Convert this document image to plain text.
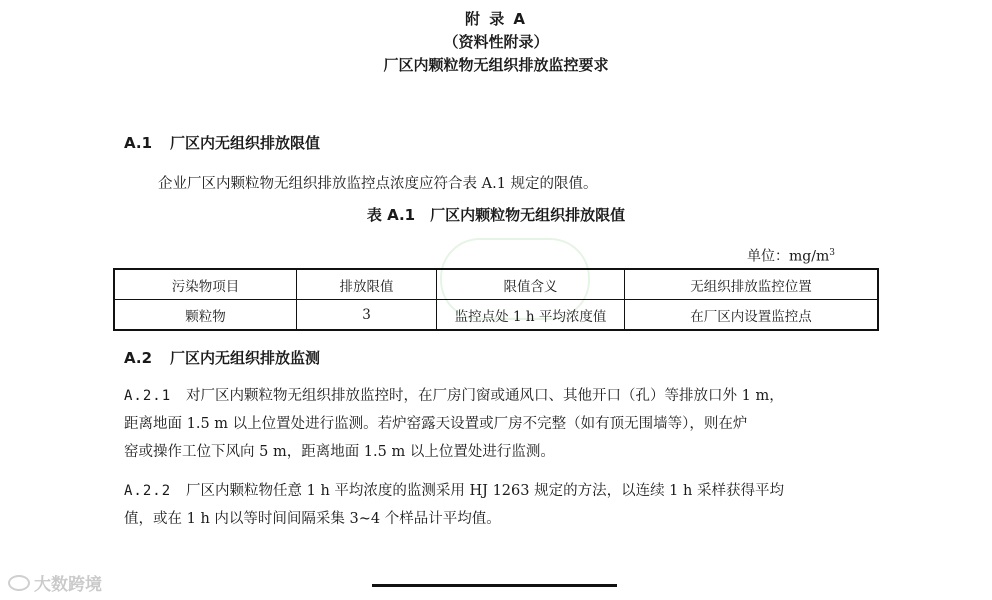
附 录 A
（资料性附录）
厂区内颗粒物无组织排放监控要求
A.1 厂区内无组织排放限值
企业厂区内颗粒物无组织排放监控点浓度应符合表 A.1 规定的限值。
表 A.1　厂区内颗粒物无组织排放限值
单位：$mg/m^3$
污染物项目	排放限值	限值含义	无组织排放监控位置
颗粒物	3	监控点处 1 h 平均浓度值	在厂区内设置监控点
A.2 厂区内无组织排放监测
A.2.1 对厂区内颗粒物无组织排放监控时，在厂房门窗或通风口、其他开口（孔）等排放口外 1 m，
距离地面 1.5 m 以上位置处进行监测。若炉窑露天设置或厂房不完整（如有顶无围墙等），则在炉
窑或操作工位下风向 5 m，距离地面 1.5 m 以上位置处进行监测。
A.2.2 厂区内颗粒物任意 1 h 平均浓度的监测采用 HJ 1263 规定的方法，以连续 1 h 采样获得平均
值，或在 1 h 内以等时间间隔采集 3~4 个样品计平均值。
大数跨境
